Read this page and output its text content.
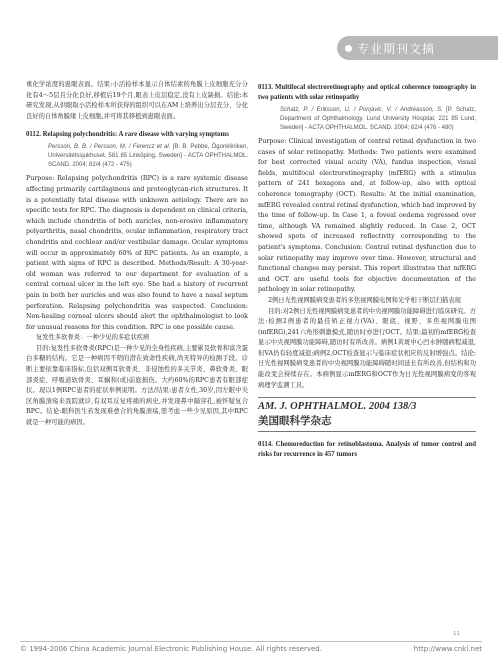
专业期刊文摘

重化学浓度的患眼表面。结果:小活检样本显示自体结素的角膜上皮细胞充分分化有4～5层且分化良好,移植后19个月,眼表上皮层稳定,没有上皮缺损。结论:本研究发现,从供眼取小活检样本所获得的组织可以在AM上培养出分层充分、分化良好的自体角膜缘上皮细胞,并可将其移植到患眼表面。

0112. Relapsing polychondritis: A rare disease with varying symptoms
Persson, B. B. / Persson, M. / Ferencz et al. [B. B. Pebbe, Ögonkliniken, Universitetssjukhuset, 581 85 Linköping, Sweden] - ACTA OPHTHALMOL. SCAND. 2004; 82/4 (472 - 475)

Purpose: Relapsing polychondritis (RPC) is a rare systemic disease affecting primarily cartilaginous and proteoglycan-rich structures. It is a potentially fatal disease with unknown aetiology. There are no specific tests for RPC. The diagnosis is dependent on clinical criteria, which include chondritis of both auricles, non-erosive inflammatory polyarthritis, nasal chondritis, ocular inflammation, respiratory tract chondritis and cochlear and/or vestibular damage. Ocular symptoms will occur in approximately 60% of RPC patients. As an example, a patient with signs of RPC is described. Methods/Result: A 30-year-old woman was referred to our department for evaluation of a central corneal ulcer in the left eye. She had a history of recurrent pain in both her auricles and was also found to have a nasal septum perforation. Relapsing polychondritis was suspected. Conclusion: Non-healing corneal ulcers should alert the ophthalmologist to look for unusual reasons for this condition. RPC is one possible cause.

复发性多软骨炎：一种少见的多症状疾病

目的:复发性多软骨炎(RPC)是一种少见的全身性疾病,主要累及软骨和富含蛋白多糖的结构。它是一种病因不明的潜在致命性疾病,尚无特异的检测手段。诊断主要依靠临床指标,包括双侧耳软骨炎、非侵蚀性的多关节炎、鼻软骨炎、眼部炎症、呼吸道软骨炎、耳蜗和(或)前庭损伤。大约60%的RPC患者有眼部症状。现以1例RPC患者的症状举例说明。方法/结果:患者女性,30岁,因左眼中央区角膜溃疡来我院就诊,有双耳反复疼痛的病史,并发现鼻中隔穿孔,被怀疑复合RPC。结论:眼科医生若发现难愈合的角膜溃疡,需考虑一些少见原因,其中RPC就是一种可能的病因。

0113. Multifocal electroretinography and optical coherence tomography in two patients with solar retinopathy
Schatz, P. / Eriksson, U. / Ponjavic, V. / Andréasson, S. [P. Schatz, Department of Ophthalmology, Lund University Hospital, 221 85 Lund, Sweden] - ACTA OPHTHALMOL. SCAND. 2004; 82/4 (476 - 480)

Purpose: Clinical investigation of central retinal dysfunction in two cases of solar retinopathy. Methods: Two patients were examined for best corrected visual acuity (VA), fundus inspection, visual fields, multifocal electroretinography (mfERG) with a stimulus pattern of 241 hexagons and, at follow-up, also with optical coherence tomography (OCT). Results: At the initial examination, mfERG revealed central retinal dysfunction, which had improved by the time of follow-up. In Case 1, a foveal oedema regressed over time, although VA remained slightly reduced. In Case 2, OCT showed spots of increased reflectivity corresponding to the patient's symptoms. Conclusion: Central retinal dysfunction due to solar retinopathy may improve over time. However, structural and functional changes may persist. This report illustrates that mfERG and OCT are useful tools for objective documentation of the pathology in solar retinopathy.

2例日光性视网膜病变患者的多焦视网膜电图和光学相干断层扫描表现

目的:对2例日光性视网膜病变患者的中央视网膜功能障碍进行临床研究。方法:检测2例患者的最佳矫正视力(VA)、眼底、视野、多焦视网膜电图(mfERG),241六角形刺激模式,随访时亦进行OCT。结果:最初的mfERG检查显示中央视网膜功能障碍,随访时有所改善。病例1黄斑中心凹水肿随病程减退,但VA仍有轻度减退;病例2,OCT检查显示与临床症状相应的反射增强点。结论:日光性视网膜病变患者的中央视网膜功能障碍随时间延长有所改善,但结构和功能改变会持续存在。本病例显示mfERG和OCT作为日光性视网膜病变的客观病理学监测工具。

AM. J. OPHTHALMOL. 2004 138/3
美国眼科学杂志
0114. Chemoreduction for retinoblastoma. Analysis of tumor control and risks for recurrence in 457 tumors
11
© 1994-2006 China Academic Journal Electronic Publishing House. All rights reserved.	http://www.cnki.net
